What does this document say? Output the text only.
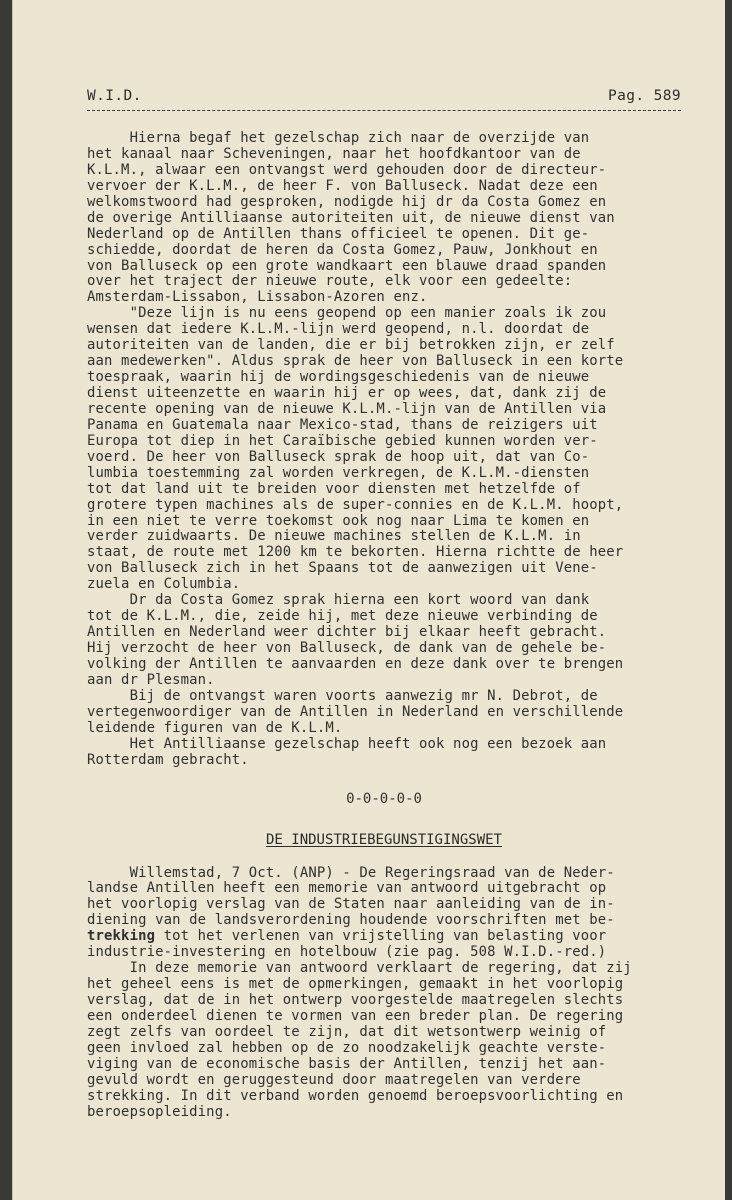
W.I.D.	Pag. 589
Hierna begaf het gezelschap zich naar de overzijde van
het kanaal naar Scheveningen, naar het hoofdkantoor van de
K.L.M., alwaar een ontvangst werd gehouden door de directeur-
vervoer der K.L.M., de heer F. von Balluseck. Nadat deze een
welkomstwoord had gesproken, nodigde hij dr da Costa Gomez en
de overige Antilliaanse autoriteiten uit, de nieuwe dienst van
Nederland op de Antillen thans officieel te openen. Dit ge-
schiedde, doordat de heren da Costa Gomez, Pauw, Jonkhout en
von Balluseck op een grote wandkaart een blauwe draad spanden
over het traject der nieuwe route, elk voor een gedeelte:
Amsterdam-Lissabon, Lissabon-Azoren enz.
"Deze lijn is nu eens geopend op een manier zoals ik zou
wensen dat iedere K.L.M.-lijn werd geopend, n.l. doordat de
autoriteiten van de landen, die er bij betrokken zijn, er zelf
aan medewerken". Aldus sprak de heer von Balluseck in een korte
toespraak, waarin hij de wordingsgeschiedenis van de nieuwe
dienst uiteenzette en waarin hij er op wees, dat, dank zij de
recente opening van de nieuwe K.L.M.-lijn van de Antillen via
Panama en Guatemala naar Mexico-stad, thans de reizigers uit
Europa tot diep in het Caraïbische gebied kunnen worden ver-
voerd. De heer von Balluseck sprak de hoop uit, dat van Co-
lumbia toestemming zal worden verkregen, de K.L.M.-diensten
tot dat land uit te breiden voor diensten met hetzelfde of
grotere typen machines als de super-connies en de K.L.M. hoopt,
in een niet te verre toekomst ook nog naar Lima te komen en
verder zuidwaarts. De nieuwe machines stellen de K.L.M. in
staat, de route met 1200 km te bekorten. Hierna richtte de heer
von Balluseck zich in het Spaans tot de aanwezigen uit Vene-
zuela en Columbia.
Dr da Costa Gomez sprak hierna een kort woord van dank
tot de K.L.M., die, zeide hij, met deze nieuwe verbinding de
Antillen en Nederland weer dichter bij elkaar heeft gebracht.
Hij verzocht de heer von Balluseck, de dank van de gehele be-
volking der Antillen te aanvaarden en deze dank over te brengen
aan dr Plesman.
Bij de ontvangst waren voorts aanwezig mr N. Debrot, de
vertegenwoordiger van de Antillen in Nederland en verschillende
leidende figuren van de K.L.M.
Het Antilliaanse gezelschap heeft ook nog een bezoek aan
Rotterdam gebracht.
0-0-0-0-0
DE INDUSTRIEBEGUNSTIGINGSWET
Willemstad, 7 Oct. (ANP) - De Regeringsraad van de Neder-
landse Antillen heeft een memorie van antwoord uitgebracht op
het voorlopig verslag van de Staten naar aanleiding van de in-
diening van de landsverordening houdende voorschriften met be-
trekking tot het verlenen van vrijstelling van belasting voor
industrie-investering en hotelbouw (zie pag. 508 W.I.D.-red.)
In deze memorie van antwoord verklaart de regering, dat zij
het geheel eens is met de opmerkingen, gemaakt in het voorlopig
verslag, dat de in het ontwerp voorgestelde maatregelen slechts
een onderdeel dienen te vormen van een breder plan. De regering
zegt zelfs van oordeel te zijn, dat dit wetsontwerp weinig of
geen invloed zal hebben op de zo noodzakelijk geachte verste-
viging van de economische basis der Antillen, tenzij het aan-
gevuld wordt en geruggesteund door maatregelen van verdere
strekking. In dit verband worden genoemd beroepsvoorlichting en
beroepsopleiding.
